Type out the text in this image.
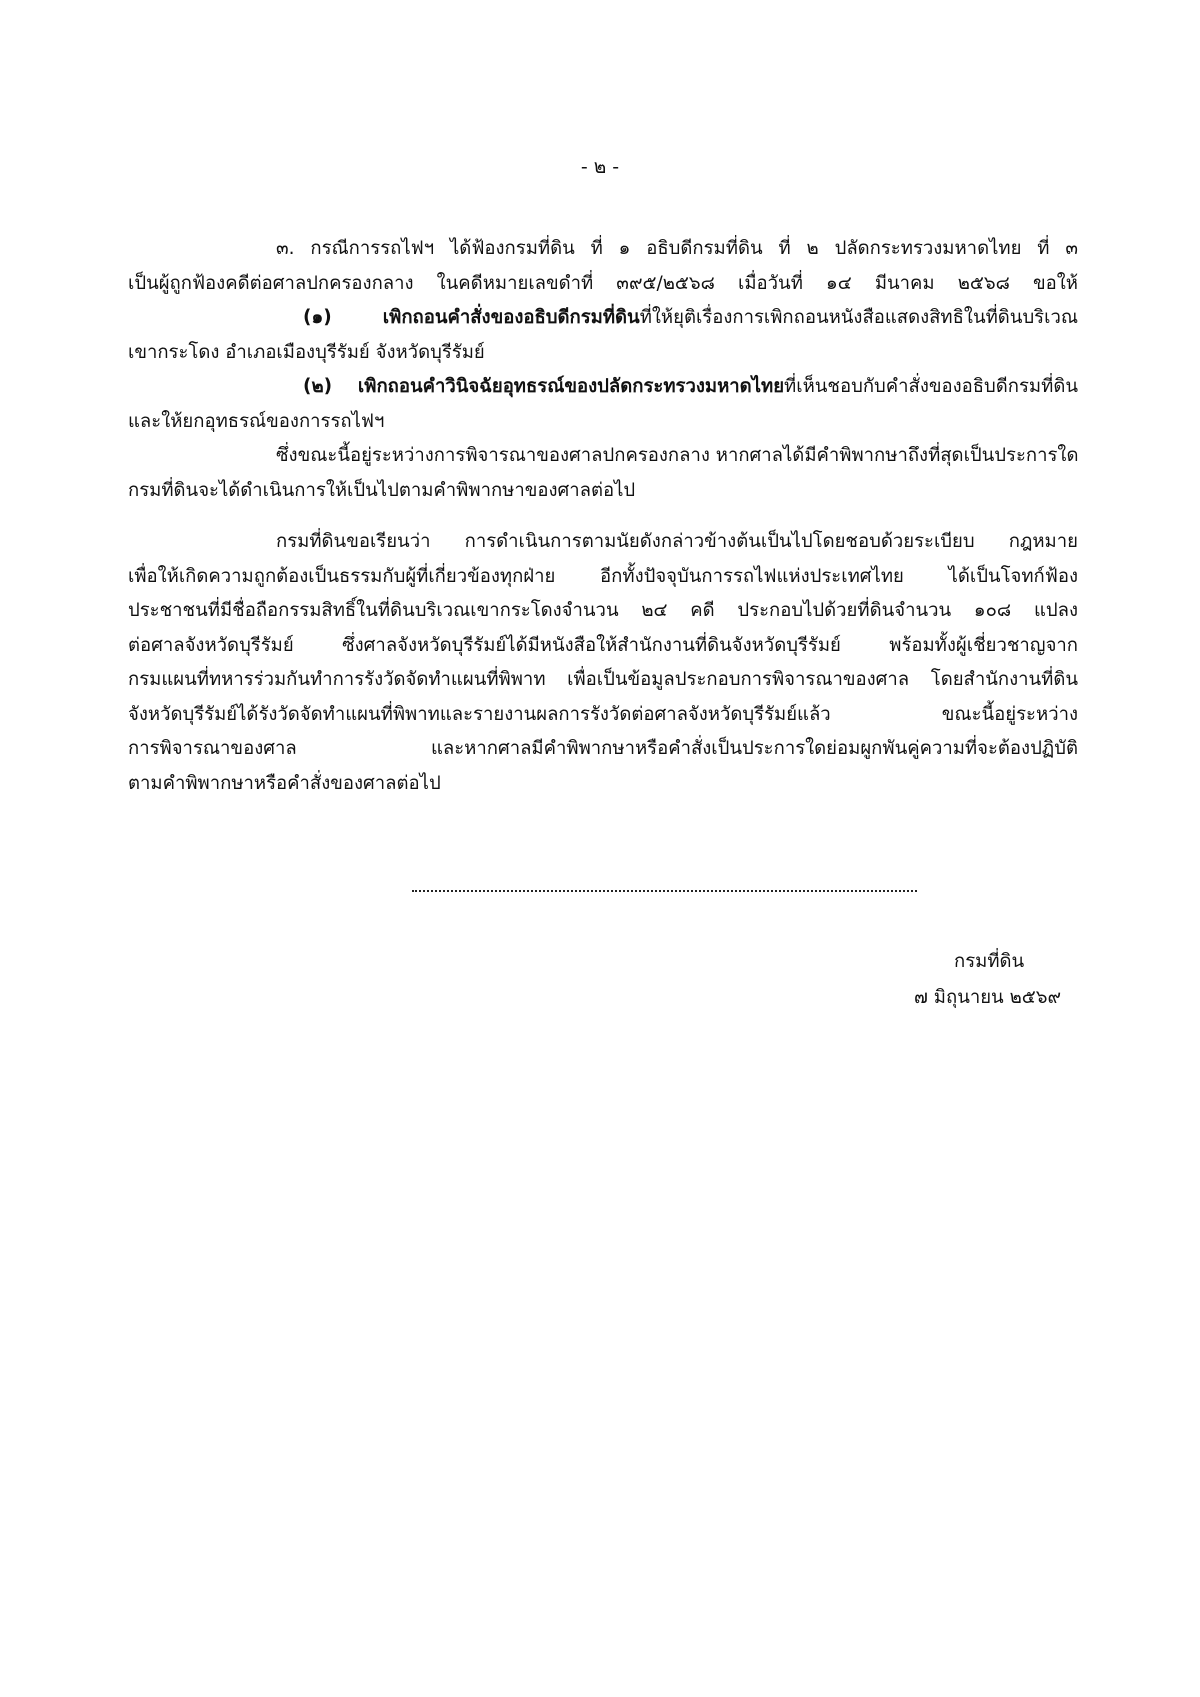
- ๒ -
๓. กรณีการรถไฟฯ ได้ฟ้องกรมที่ดิน ที่ ๑ อธิบดีกรมที่ดิน ที่ ๒ ปลัดกระทรวงมหาดไทย ที่ ๓
เป็นผู้ถูกฟ้องคดีต่อศาลปกครองกลาง ในคดีหมายเลขดำที่ ๓๙๕/๒๕๖๘ เมื่อวันที่ ๑๔ มีนาคม ๒๕๖๘ ขอให้
(๑) เพิกถอนคำสั่งของอธิบดีกรมที่ดินที่ให้ยุติเรื่องการเพิกถอนหนังสือแสดงสิทธิในที่ดินบริเวณ
เขากระโดง อำเภอเมืองบุรีรัมย์ จังหวัดบุรีรัมย์
(๒) เพิกถอนคำวินิจฉัยอุทธรณ์ของปลัดกระทรวงมหาดไทยที่เห็นชอบกับคำสั่งของอธิบดีกรมที่ดิน
และให้ยกอุทธรณ์ของการรถไฟฯ
ซึ่งขณะนี้อยู่ระหว่างการพิจารณาของศาลปกครองกลาง หากศาลได้มีคำพิพากษาถึงที่สุดเป็นประการใด
กรมที่ดินจะได้ดำเนินการให้เป็นไปตามคำพิพากษาของศาลต่อไป
กรมที่ดินขอเรียนว่า การดำเนินการตามนัยดังกล่าวข้างต้นเป็นไปโดยชอบด้วยระเบียบ กฎหมาย
เพื่อให้เกิดความถูกต้องเป็นธรรมกับผู้ที่เกี่ยวข้องทุกฝ่าย อีกทั้งปัจจุบันการรถไฟแห่งประเทศไทย ได้เป็นโจทก์ฟ้อง
ประชาชนที่มีชื่อถือกรรมสิทธิ์ในที่ดินบริเวณเขากระโดงจำนวน ๒๔ คดี ประกอบไปด้วยที่ดินจำนวน ๑๐๘ แปลง
ต่อศาลจังหวัดบุรีรัมย์ ซึ่งศาลจังหวัดบุรีรัมย์ได้มีหนังสือให้สำนักงานที่ดินจังหวัดบุรีรัมย์ พร้อมทั้งผู้เชี่ยวชาญจาก
กรมแผนที่ทหารร่วมกันทำการรังวัดจัดทำแผนที่พิพาท เพื่อเป็นข้อมูลประกอบการพิจารณาของศาล โดยสำนักงานที่ดิน
จังหวัดบุรีรัมย์ได้รังวัดจัดทำแผนที่พิพาทและรายงานผลการรังวัดต่อศาลจังหวัดบุรีรัมย์แล้ว ขณะนี้อยู่ระหว่าง
การพิจารณาของศาล และหากศาลมีคำพิพากษาหรือคำสั่งเป็นประการใดย่อมผูกพันคู่ความที่จะต้องปฏิบัติ
ตามคำพิพากษาหรือคำสั่งของศาลต่อไป
กรมที่ดิน
๗ มิถุนายน ๒๕๖๙
